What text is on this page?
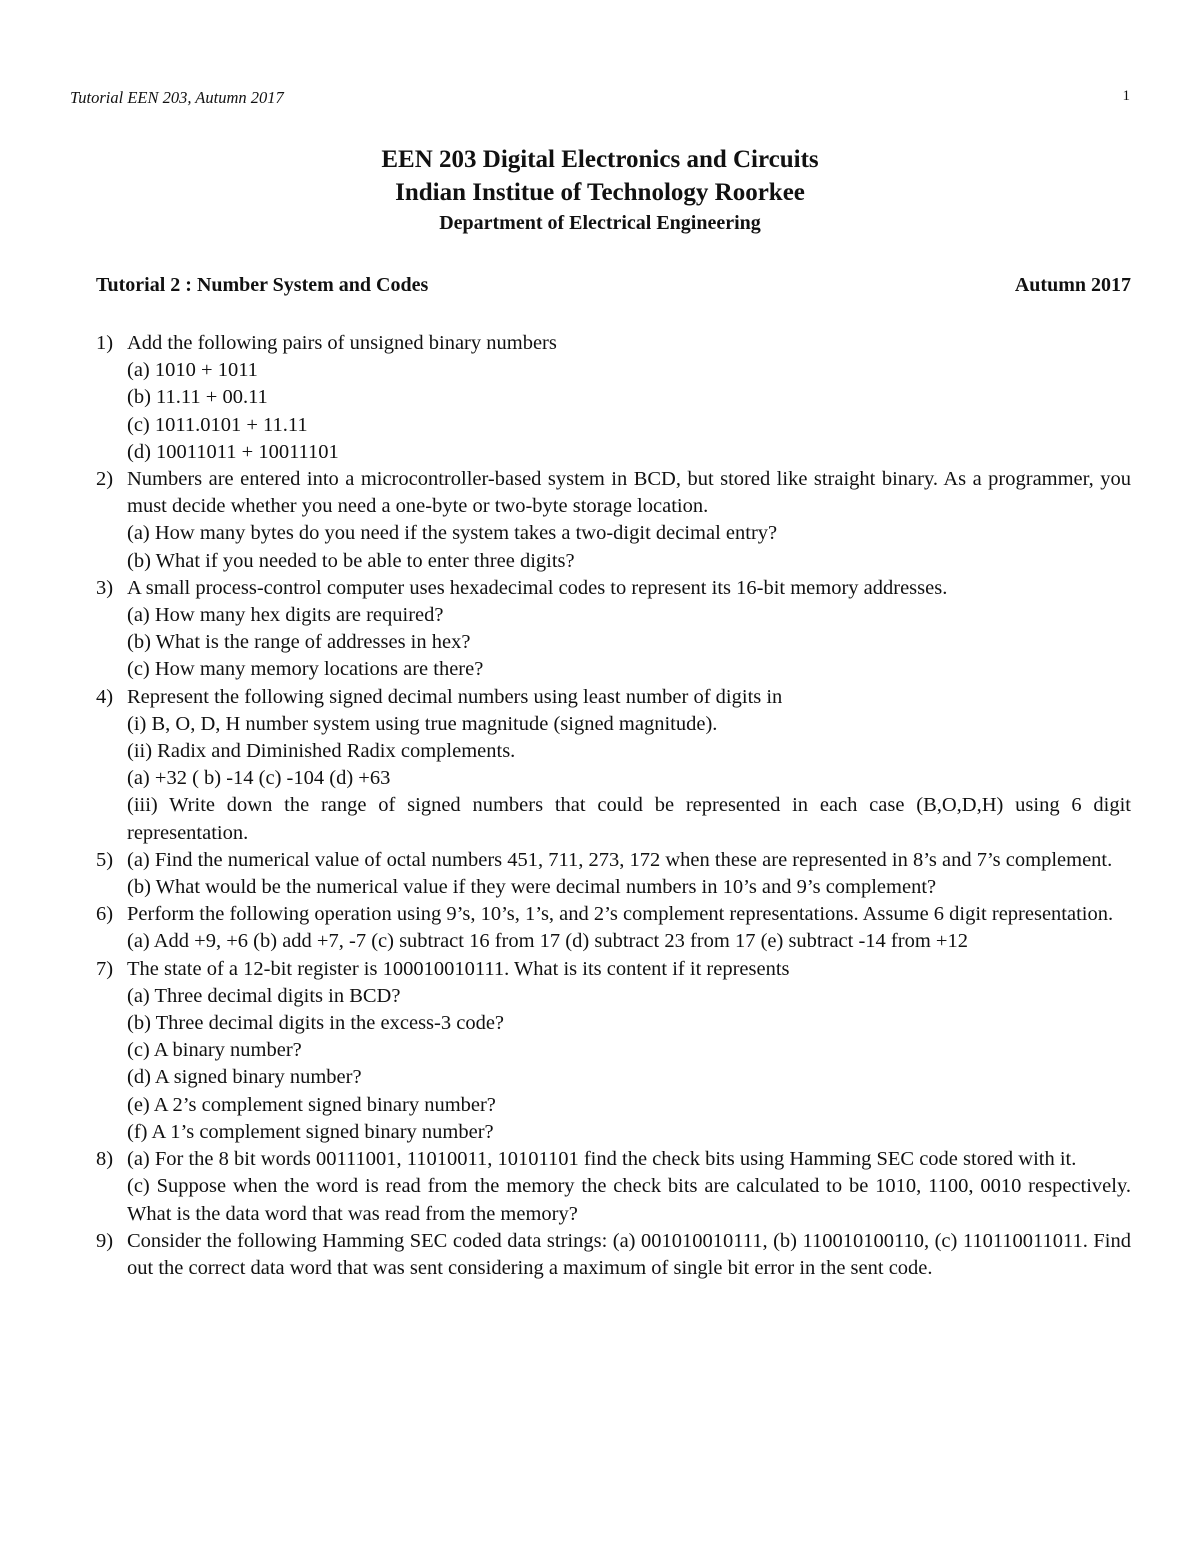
Tutorial EEN 203, Autumn 2017	1
EEN 203 Digital Electronics and Circuits
Indian Institue of Technology Roorkee
Department of Electrical Engineering
Tutorial 2 : Number System and Codes	Autumn 2017
1) Add the following pairs of unsigned binary numbers
(a) 1010 + 1011
(b) 11.11 + 00.11
(c) 1011.0101 + 11.11
(d) 10011011 + 10011101
2) Numbers are entered into a microcontroller-based system in BCD, but stored like straight binary. As a programmer, you must decide whether you need a one-byte or two-byte storage location.
(a) How many bytes do you need if the system takes a two-digit decimal entry?
(b) What if you needed to be able to enter three digits?
3) A small process-control computer uses hexadecimal codes to represent its 16-bit memory addresses.
(a) How many hex digits are required?
(b) What is the range of addresses in hex?
(c) How many memory locations are there?
4) Represent the following signed decimal numbers using least number of digits in
(i) B, O, D, H number system using true magnitude (signed magnitude).
(ii) Radix and Diminished Radix complements.
(a) +32 ( b) -14 (c) -104 (d) +63
(iii) Write down the range of signed numbers that could be represented in each case (B,O,D,H) using 6 digit representation.
5) (a) Find the numerical value of octal numbers 451, 711, 273, 172 when these are represented in 8’s and 7’s complement.
(b) What would be the numerical value if they were decimal numbers in 10’s and 9’s complement?
6) Perform the following operation using 9’s, 10’s, 1’s, and 2’s complement representations. Assume 6 digit representation.
(a) Add +9, +6 (b) add +7, -7 (c) subtract 16 from 17 (d) subtract 23 from 17 (e) subtract -14 from +12
7) The state of a 12-bit register is 100010010111. What is its content if it represents
(a) Three decimal digits in BCD?
(b) Three decimal digits in the excess-3 code?
(c) A binary number?
(d) A signed binary number?
(e) A 2’s complement signed binary number?
(f) A 1’s complement signed binary number?
8) (a) For the 8 bit words 00111001, 11010011, 10101101 find the check bits using Hamming SEC code stored with it.
(c) Suppose when the word is read from the memory the check bits are calculated to be 1010, 1100, 0010 respectively. What is the data word that was read from the memory?
9) Consider the following Hamming SEC coded data strings: (a) 001010010111, (b) 110010100110, (c) 110110011011. Find out the correct data word that was sent considering a maximum of single bit error in the sent code.
